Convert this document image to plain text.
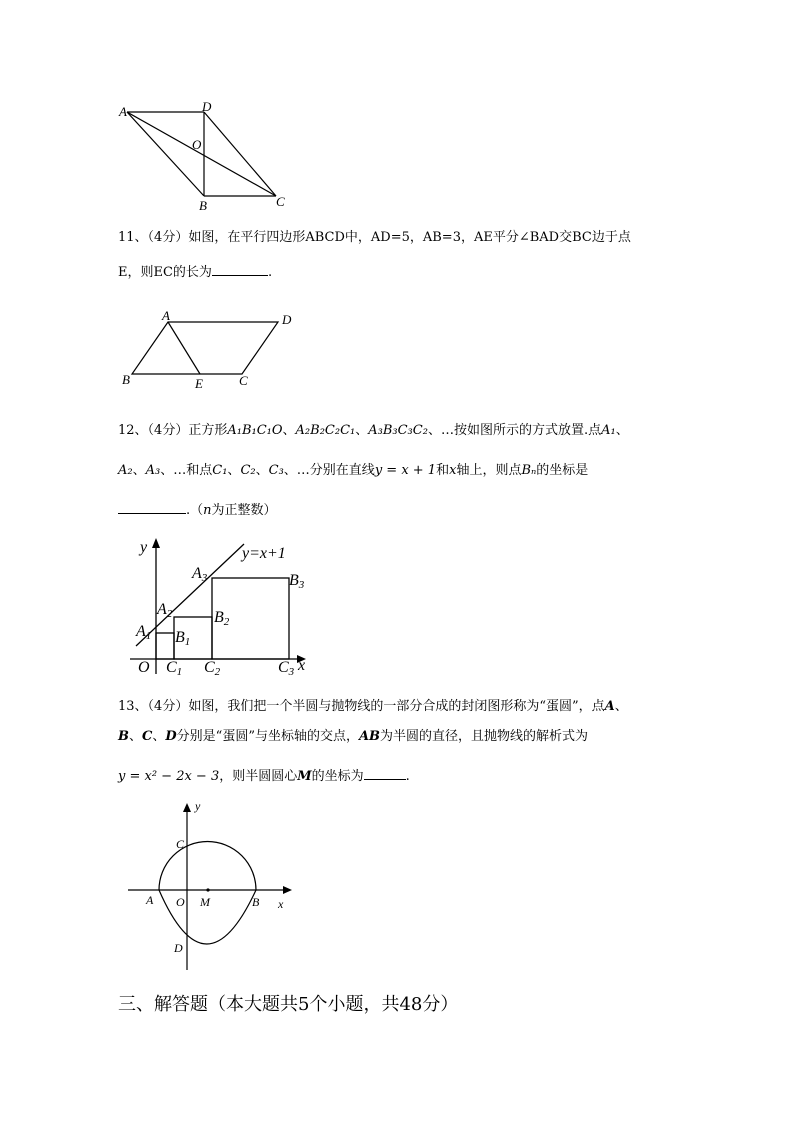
A	D
O
B	C
11、（4分）如图，在平行四边形ABCD中，AD=5，AB=3，AE平分∠BAD交BC边于点
E，则EC的长为	.
A	D
B	E	C
12、（4分）正方形A₁B₁C₁O、A₂B₂C₂C₁、A₃B₃C₃C₂、…按如图所示的方式放置.点A₁、
A₂、A₃、…和点C₁、C₂、C₃、…分别在直线y = x + 1和x轴上，则点Bₙ的坐标是
.（n为正整数）
y	y=x+1
A3	B3
A2	B2
A1 B1
O C1 C2	C3 x
13、（4分）如图，我们把一个半圆与抛物线的一部分合成的封闭图形称为“蛋圆”，点A、
B、C、D分别是“蛋圆”与坐标轴的交点，AB为半圆的直径，且抛物线的解析式为
y = x² − 2x − 3，则半圆圆心M的坐标为	.
y
C
A O M	B x
D
三、解答题（本大题共5个小题，共48分）
